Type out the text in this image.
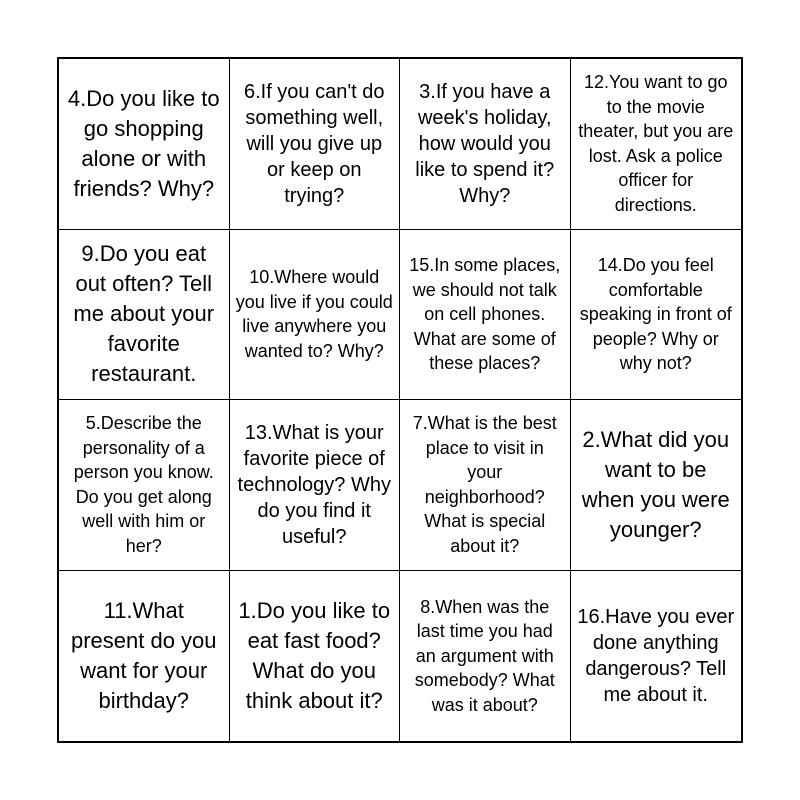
4.Do you like to go shopping alone or with friends? Why?
6.If you can't do something well, will you give up or keep on trying?
3.If you have a week's holiday, how would you like to spend it? Why?
12.You want to go to the movie theater, but you are lost. Ask a police officer for directions.
9.Do you eat out often? Tell me about your favorite restaurant.
10.Where would you live if you could live anywhere you wanted to? Why?
15.In some places, we should not talk on cell phones. What are some of these places?
14.Do you feel comfortable speaking in front of people? Why or why not?
5.Describe the personality of a person you know. Do you get along well with him or her?
13.What is your favorite piece of technology? Why do you find it useful?
7.What is the best place to visit in your neighborhood? What is special about it?
2.What did you want to be when you were younger?
11.What present do you want for your birthday?
1.Do you like to eat fast food? What do you think about it?
8.When was the last time you had an argument with somebody? What was it about?
16.Have you ever done anything dangerous? Tell me about it.
